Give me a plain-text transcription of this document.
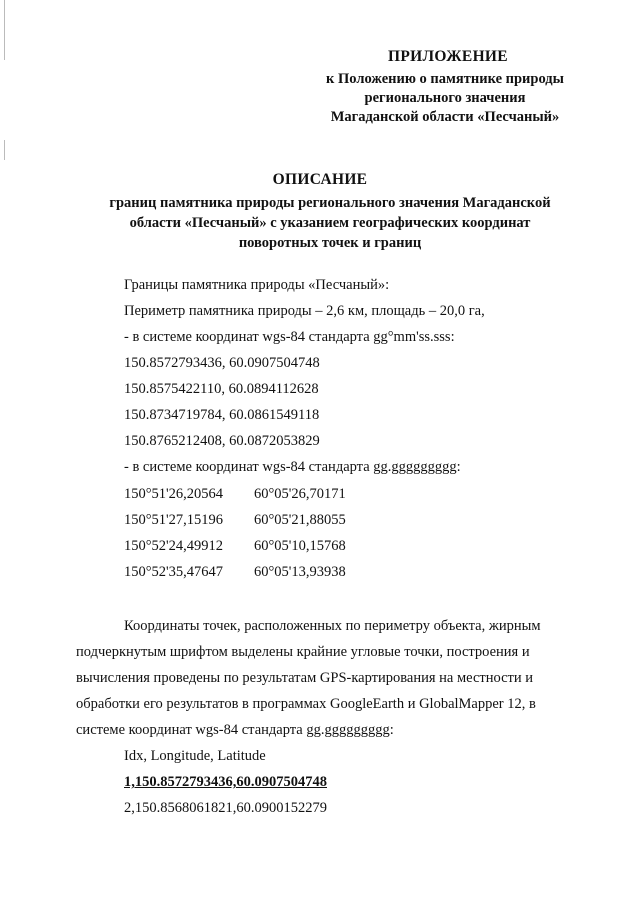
ПРИЛОЖЕНИЕ
к Положению о памятнике природы
регионального значения
Магаданской области «Песчаный»
ОПИСАНИЕ
границ памятника природы регионального значения Магаданской
области «Песчаный» с указанием географических координат
поворотных точек и границ
Границы памятника природы «Песчаный»:
Периметр памятника природы – 2,6 км, площадь – 20,0 га,
- в системе координат wgs-84 стандарта gg°mm'ss.sss:
150.8572793436, 60.0907504748
150.8575422110, 60.0894112628
150.8734719784, 60.0861549118
150.8765212408, 60.0872053829
- в системе координат wgs-84 стандарта gg.ggggggggg:
150°51'26,20564 60°05'26,70171
150°51'27,15196 60°05'21,88055
150°52'24,49912 60°05'10,15768
150°52'35,47647 60°05'13,93938
Координаты точек, расположенных по периметру объекта, жирным
подчеркнутым шрифтом выделены крайние угловые точки, построения и
вычисления проведены по результатам GPS-картирования на местности и
обработки его результатов в программах GoogleEarth и GlobalMapper 12, в
системе координат wgs-84 стандарта gg.ggggggggg:
Idx, Longitude, Latitude
1,150.8572793436,60.0907504748
2,150.8568061821,60.0900152279
